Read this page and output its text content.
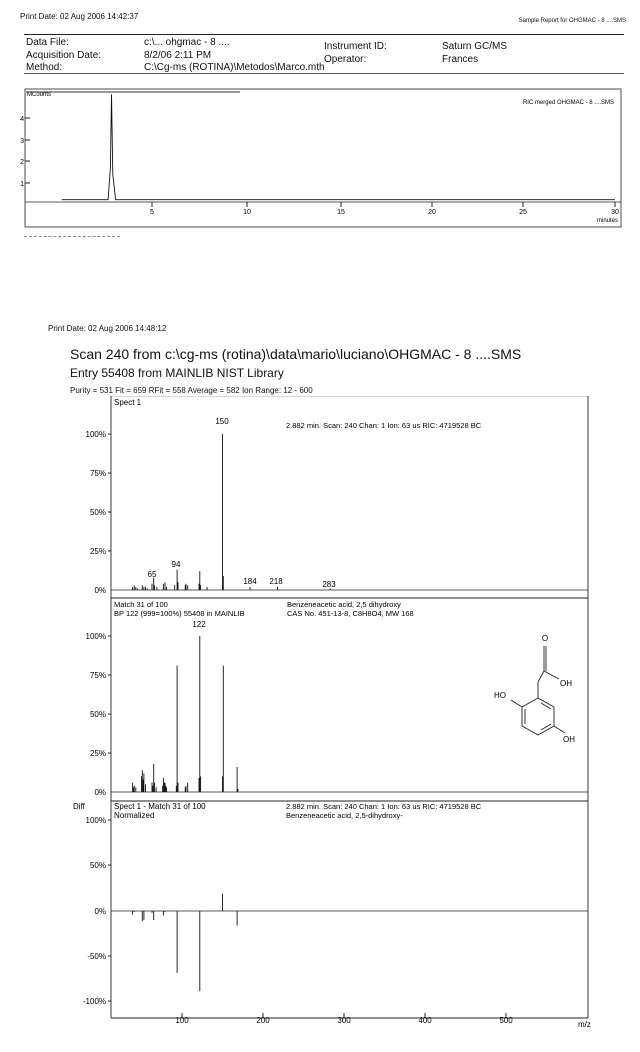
Print Date: 02 Aug 2006 14:42:37	Sample Report for OHGMAC - 8 ....SMS
Data File:	c:\... ohgmac - 8 ....
Acquisition Date:	8/2/06 2:11 PM
Method:	C:\Cg-ms (ROTINA)\Metodos\Marco.mth
Instrument ID:	Saturn GC/MS
Operator:	Frances
MCounts
RIC merged OHGMAC - 8 ....SMS
1
2
3
4
5	10	15	20	25	30
minutes
Print Date: 02 Aug 2006 14:48:12
Scan 240 from c:\cg-ms (rotina)\data\mario\luciano\OHGMAC - 8 ....SMS
Entry 55408 from MAINLIB NIST Library
Purity = 531 Fit = 659 RFit = 558 Average = 582 Ion Range: 12 - 600
Spect 1
2.882 min. Scan: 240 Chan: 1 Ion: 63 us RIC: 4719528 BC
100%
75%
50%
25%
0%
150
94
65
184 218	283
Match 31 of 100
BP 122 (999=100%) 55408 in MAINLIB
Benzeneacetic acid, 2,5 dihydroxy
CAS No. 451-13-8, C8H8O4, MW 168
100%
75%
50%
25%
0%
122
O
OH
HO
OH
Diff	Spect 1 - Match 31 of 100
Normalized
2.882 min. Scan: 240 Chan: 1 Ion: 63 us RIC: 4719528 BC
Benzeneacetic acid, 2,5-dihydroxy-
100%
50%
0%
-50%
-100%
100	200	300	400	500	m/z
